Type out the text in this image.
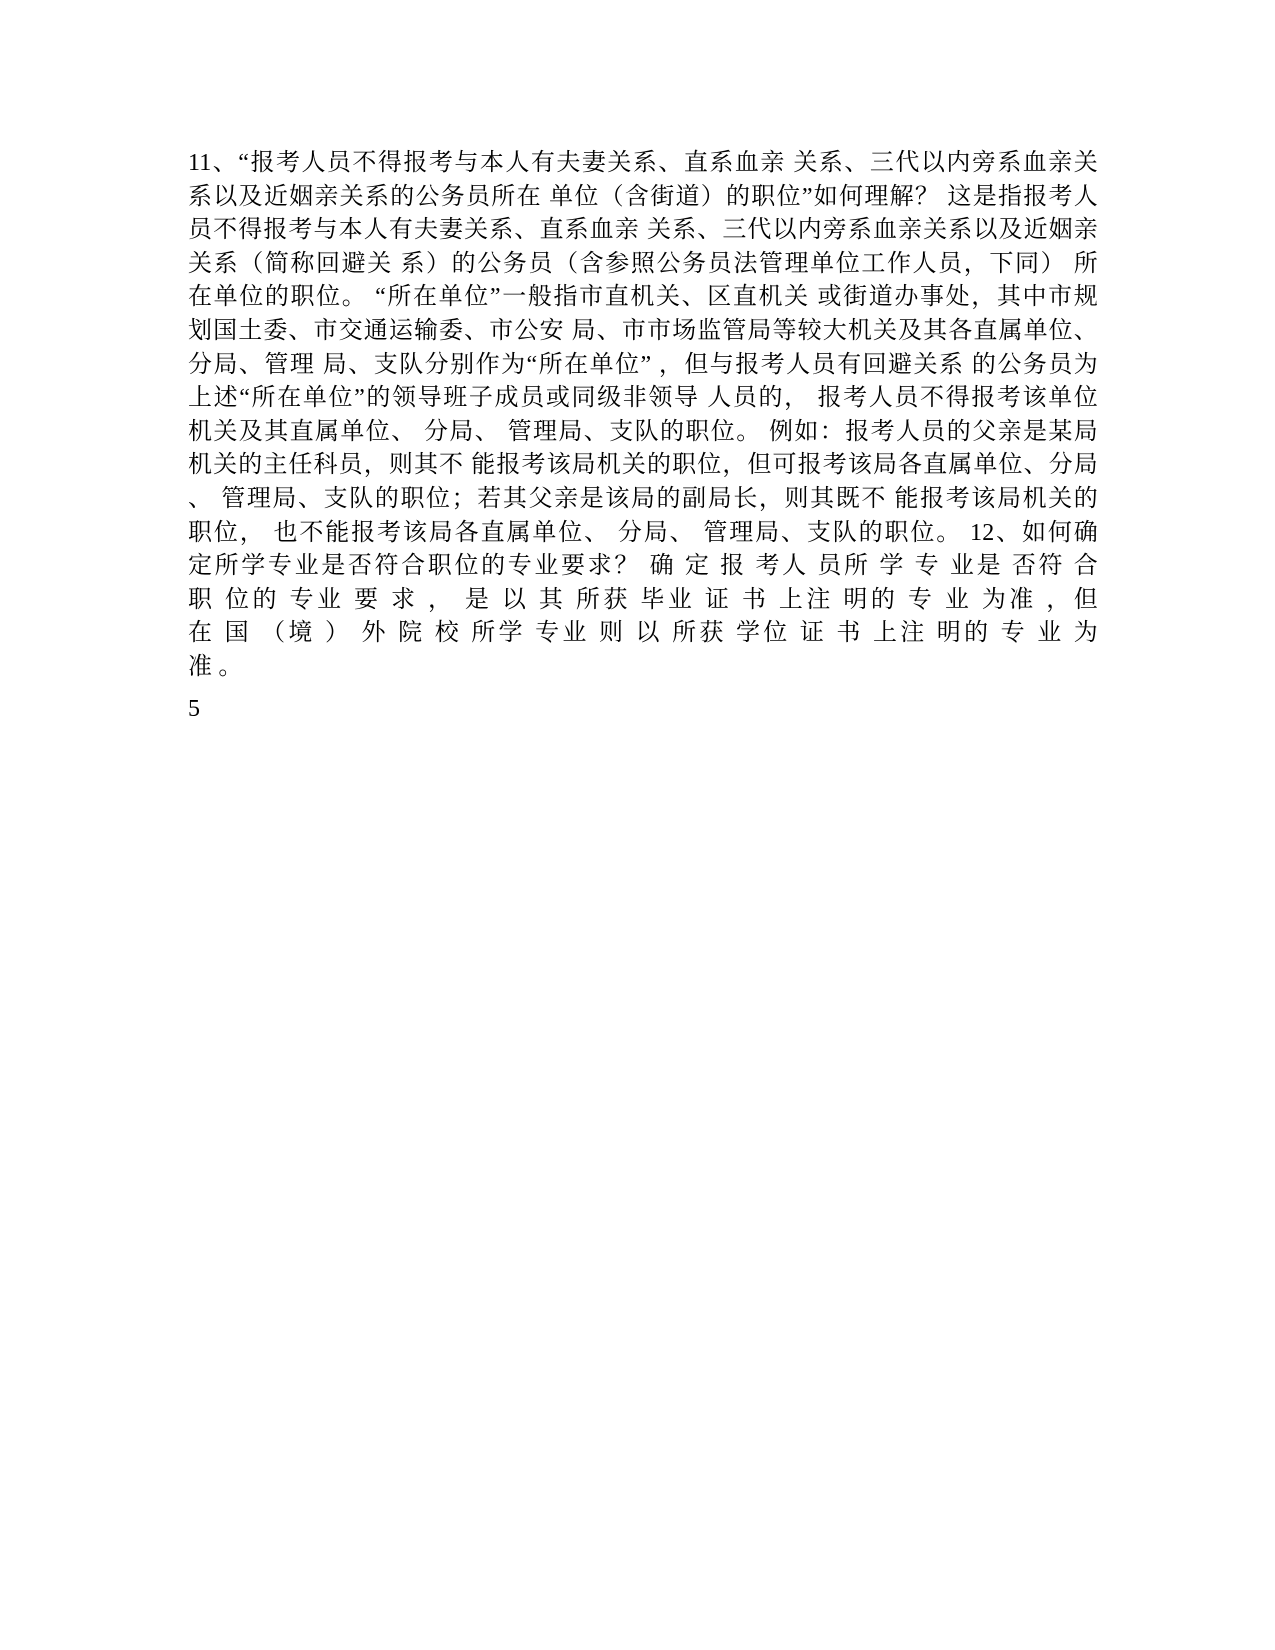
11、“报考人员不得报考与本人有夫妻关系、直系血亲 关系、三代以内旁系血亲关
系以及近姻亲关系的公务员所在 单位（含街道）的职位”如何理解？ 这是指报考人
员不得报考与本人有夫妻关系、直系血亲 关系、三代以内旁系血亲关系以及近姻亲
关系（简称回避关 系）的公务员（含参照公务员法管理单位工作人员，下同） 所
在单位的职位。 “所在单位”一般指市直机关、区直机关 或街道办事处，其中市规
划国土委、市交通运输委、市公安 局、市市场监管局等较大机关及其各直属单位、
分局、管理 局、支队分别作为“所在单位” ，但与报考人员有回避关系 的公务员为
上述“所在单位”的领导班子成员或同级非领导 人员的， 报考人员不得报考该单位
机关及其直属单位、 分局、 管理局、支队的职位。 例如：报考人员的父亲是某局
机关的主任科员，则其不 能报考该局机关的职位，但可报考该局各直属单位、分局
、 管理局、支队的职位；若其父亲是该局的副局长，则其既不 能报考该局机关的
职位， 也不能报考该局各直属单位、 分局、 管理局、支队的职位。 12、如何确
定所学专业是否符合职位的专业要求？ 确 定 报 考人 员所 学 专 业是 否符 合
职 位的 专业 要 求 ， 是 以 其 所获 毕业 证 书 上注 明的 专 业 为准 ，但
在 国 （境 ） 外 院 校 所学 专业 则 以 所获 学位 证 书 上注 明的 专 业 为
准 。
5
